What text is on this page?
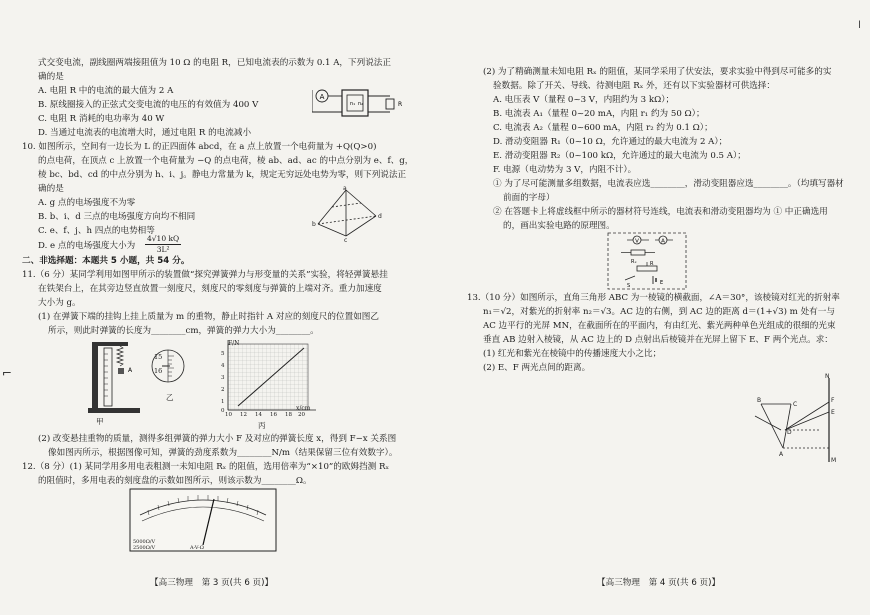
式交变电流，副线圈两端接阻值为 10 Ω 的电阻 R，已知电流表的示数为 0.1 A，下列说法正
确的是
A. 电阻 R 中的电流的最大值为 2 A
B. 原线圈接入的正弦式交变电流的电压的有效值为 400 V
C. 电阻 R 消耗的电功率为 40 W
D. 当通过电流表的电流增大时，通过电阻 R 的电流减小
A
n₁ n₂	R
10. 如图所示，空间有一边长为 L 的正四面体 abcd，在 a 点上放置一个电荷量为 +Q(Q>0)
的点电荷，在顶点 c 上放置一个电荷量为 −Q 的点电荷，棱 ab、ad、ac 的中点分别为 e、f、g，
棱 bc、bd、cd 的中点分别为 h、i、j。静电力常量为 k，规定无穷远处电势为零，则下列说法正
确的是
A. g 点的电场强度不为零
B. b、i、d 三点的电场强度方向均不相同
C. e、f、j、h 四点的电势相等
D. e 点的电场强度大小为 $\frac{4√10 kQ}{\text{3L²}}$
a
b
d
c
二、非选择题：本题共 5 小题，共 54 分。
11.（6 分）某同学利用如图甲所示的装置做“探究弹簧弹力与形变量的关系”实验，将轻弹簧悬挂
在铁架台上，在其旁边竖直放置一刻度尺，刻度尺的零刻度与弹簧的上端对齐。重力加速度
大小为 g。
(1) 在弹簧下端的挂钩上挂上质量为 m 的重物，静止时指针 A 对应的刻度尺的位置如图乙
所示，则此时弹簧的长度为________cm，弹簧的弹力大小为________。
A
甲
15
16
乙
F/N
x/cm
5
4
3
2
1
0
10 12 14 16 18 20
丙
(2) 改变悬挂重物的质量，测得多组弹簧的弹力大小 F 及对应的弹簧长度 x，得到 F−x 关系图
像如图丙所示，根据图像可知，弹簧的劲度系数为________N/m（结果保留三位有效数字）。
12.（8 分）(1) 某同学用多用电表粗测一未知电阻 Rₓ 的阻值，选用倍率为“×10”的欧姆挡测 Rₓ
的阻值时，多用电表的刻度盘的示数如图所示，则该示数为________Ω。
5000Ω/V
2500Ω/V	A-V-Ω
【高三物理　第 3 页(共 6 页)】
⌐
(2) 为了精确测量未知电阻 Rₓ 的阻值，某同学采用了伏安法，要求实验中得到尽可能多的实
验数据。除了开关、导线、待测电阻 Rₓ 外，还有以下实验器材可供选择：
A. 电压表 V（量程 0~3 V，内阻约为 3 kΩ）；
B. 电流表 A₁（量程 0~20 mA，内阻 r₁ 约为 50 Ω）；
C. 电流表 A₂（量程 0~600 mA，内阻 r₂ 约为 0.1 Ω）；
D. 滑动变阻器 R₁（0~10 Ω，允许通过的最大电流为 2 A）；
E. 滑动变阻器 R₂（0~100 kΩ，允许通过的最大电流为 0.5 A）；
F. 电源（电动势为 3 V，内阻不计）。
① 为了尽可能测量多组数据，电流表应选________，滑动变阻器应选________。（均填写器材
前面的字母）
② 在答题卡上将虚线框中所示的器材符号连线，电流表和滑动变阻器均为 ① 中正确选用
的，画出实验电路的原理图。
V	A
Rₓ	R
S	E
13.（10 分）如图所示，直角三角形 ABC 为一棱镜的横截面，∠A＝30°，该棱镜对红光的折射率
n₁＝√2，对紫光的折射率 n₂＝√3。AC 边的右侧，到 AC 边的距离 d＝(1+√3) m 处有一与
AC 边平行的光屏 MN，在截面所在的平面内，有由红光、紫光两种单色光组成的很细的光束
垂直 AB 边射入棱镜，从 AC 边上的 D 点射出后棱镜并在光屏上留下 E、F 两个光点。求：
(1) 红光和紫光在棱镜中的传播速度大小之比；
(2) E、F 两光点间的距离。
N
F
E
B
C
D
A
M
【高三物理　第 4 页(共 6 页)】
ǀ
